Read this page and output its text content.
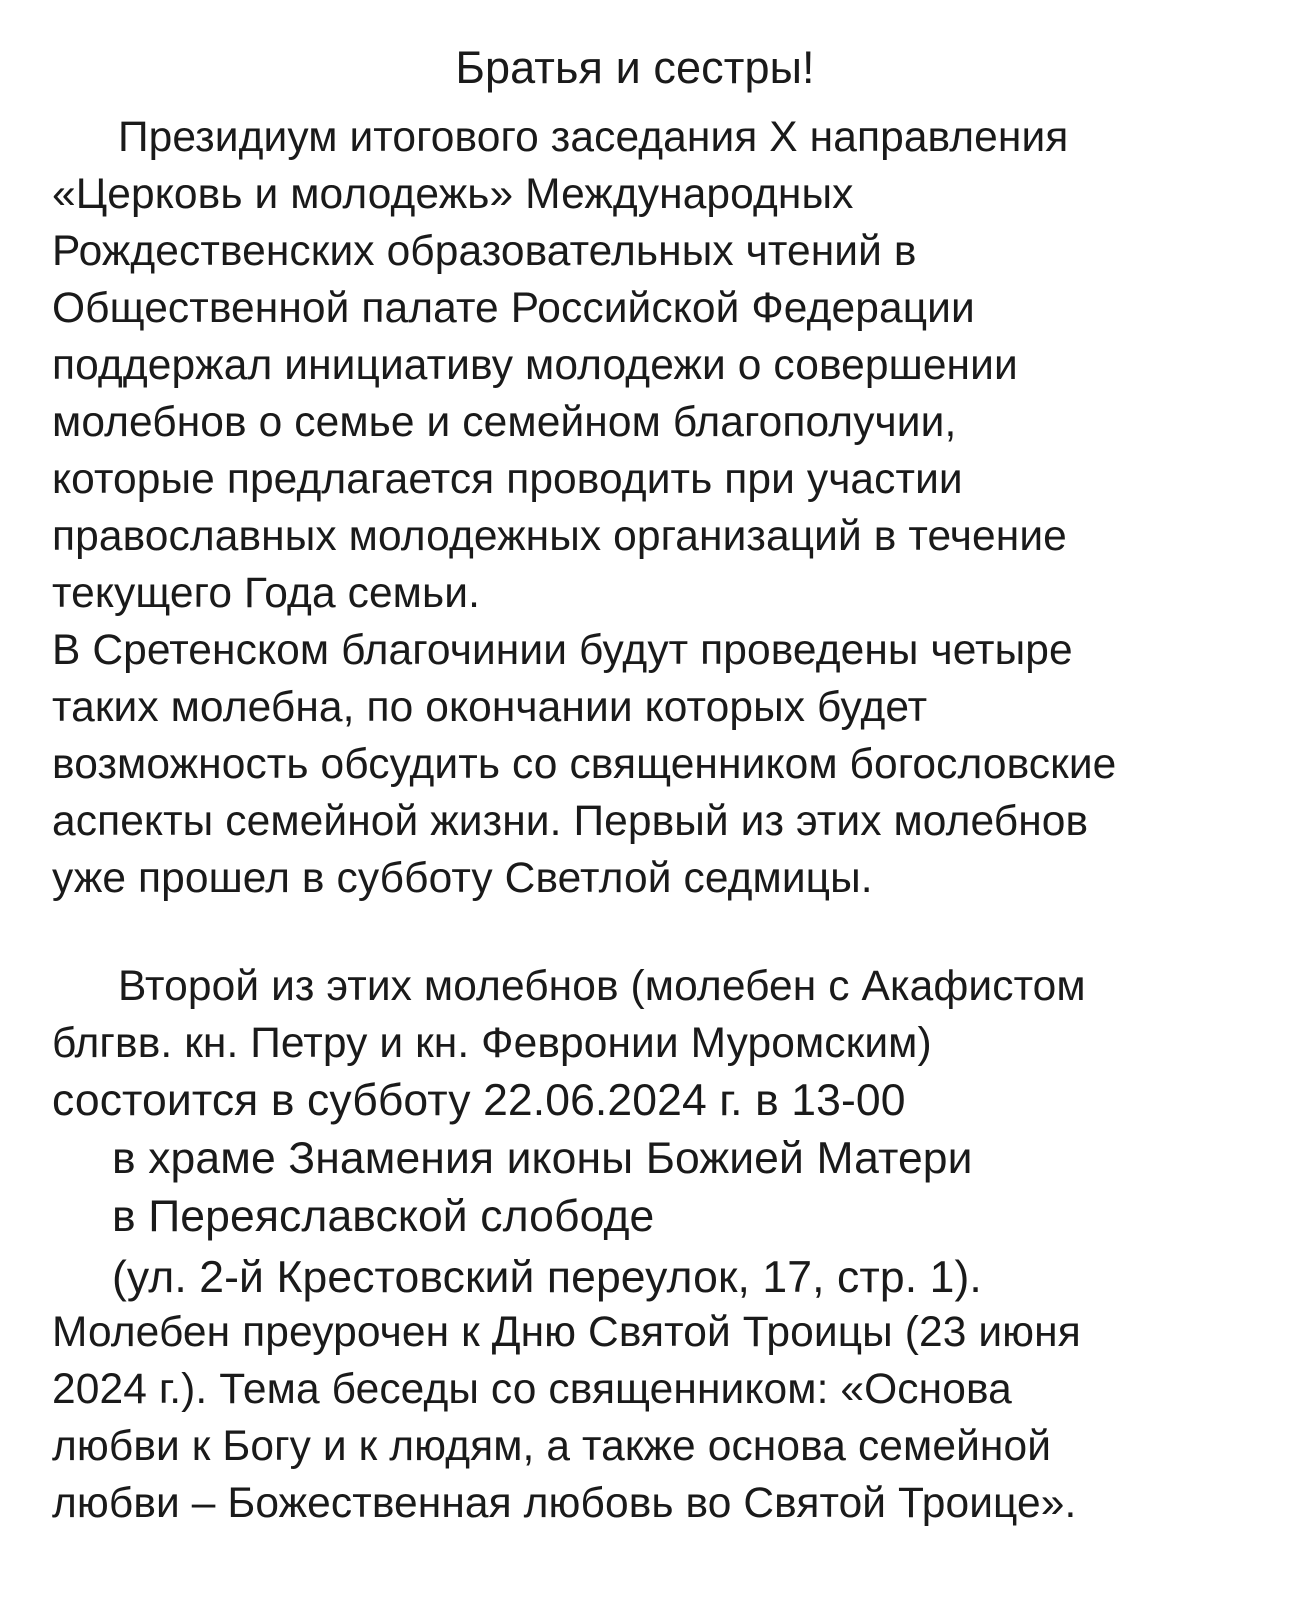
Братья и сестры!
Президиум итогового заседания X направления
«Церковь и молодежь» Международных
Рождественских образовательных чтений в
Общественной палате Российской Федерации
поддержал инициативу молодежи о совершении
молебнов о семье и семейном благополучии,
которые предлагается проводить при участии
православных молодежных организаций в течение
текущего Года семьи.
В Сретенском благочинии будут проведены четыре
таких молебна, по окончании которых будет
возможность обсудить со священником богословские
аспекты семейной жизни. Первый из этих молебнов
уже прошел в субботу Светлой седмицы.
Второй из этих молебнов (молебен с Акафистом
блгвв. кн. Петру и кн. Февронии Муромским)
состоится в субботу 22.06.2024 г. в 13-00
в храме Знамения иконы Божией Матери
в Переяславской слободе
(ул. 2-й Крестовский переулок, 17, стр. 1).
Молебен преурочен к Дню Святой Троицы (23 июня
2024 г.). Тема беседы со священником: «Основа
любви к Богу и к людям, а также основа семейной
любви – Божественная любовь во Святой Троице».
